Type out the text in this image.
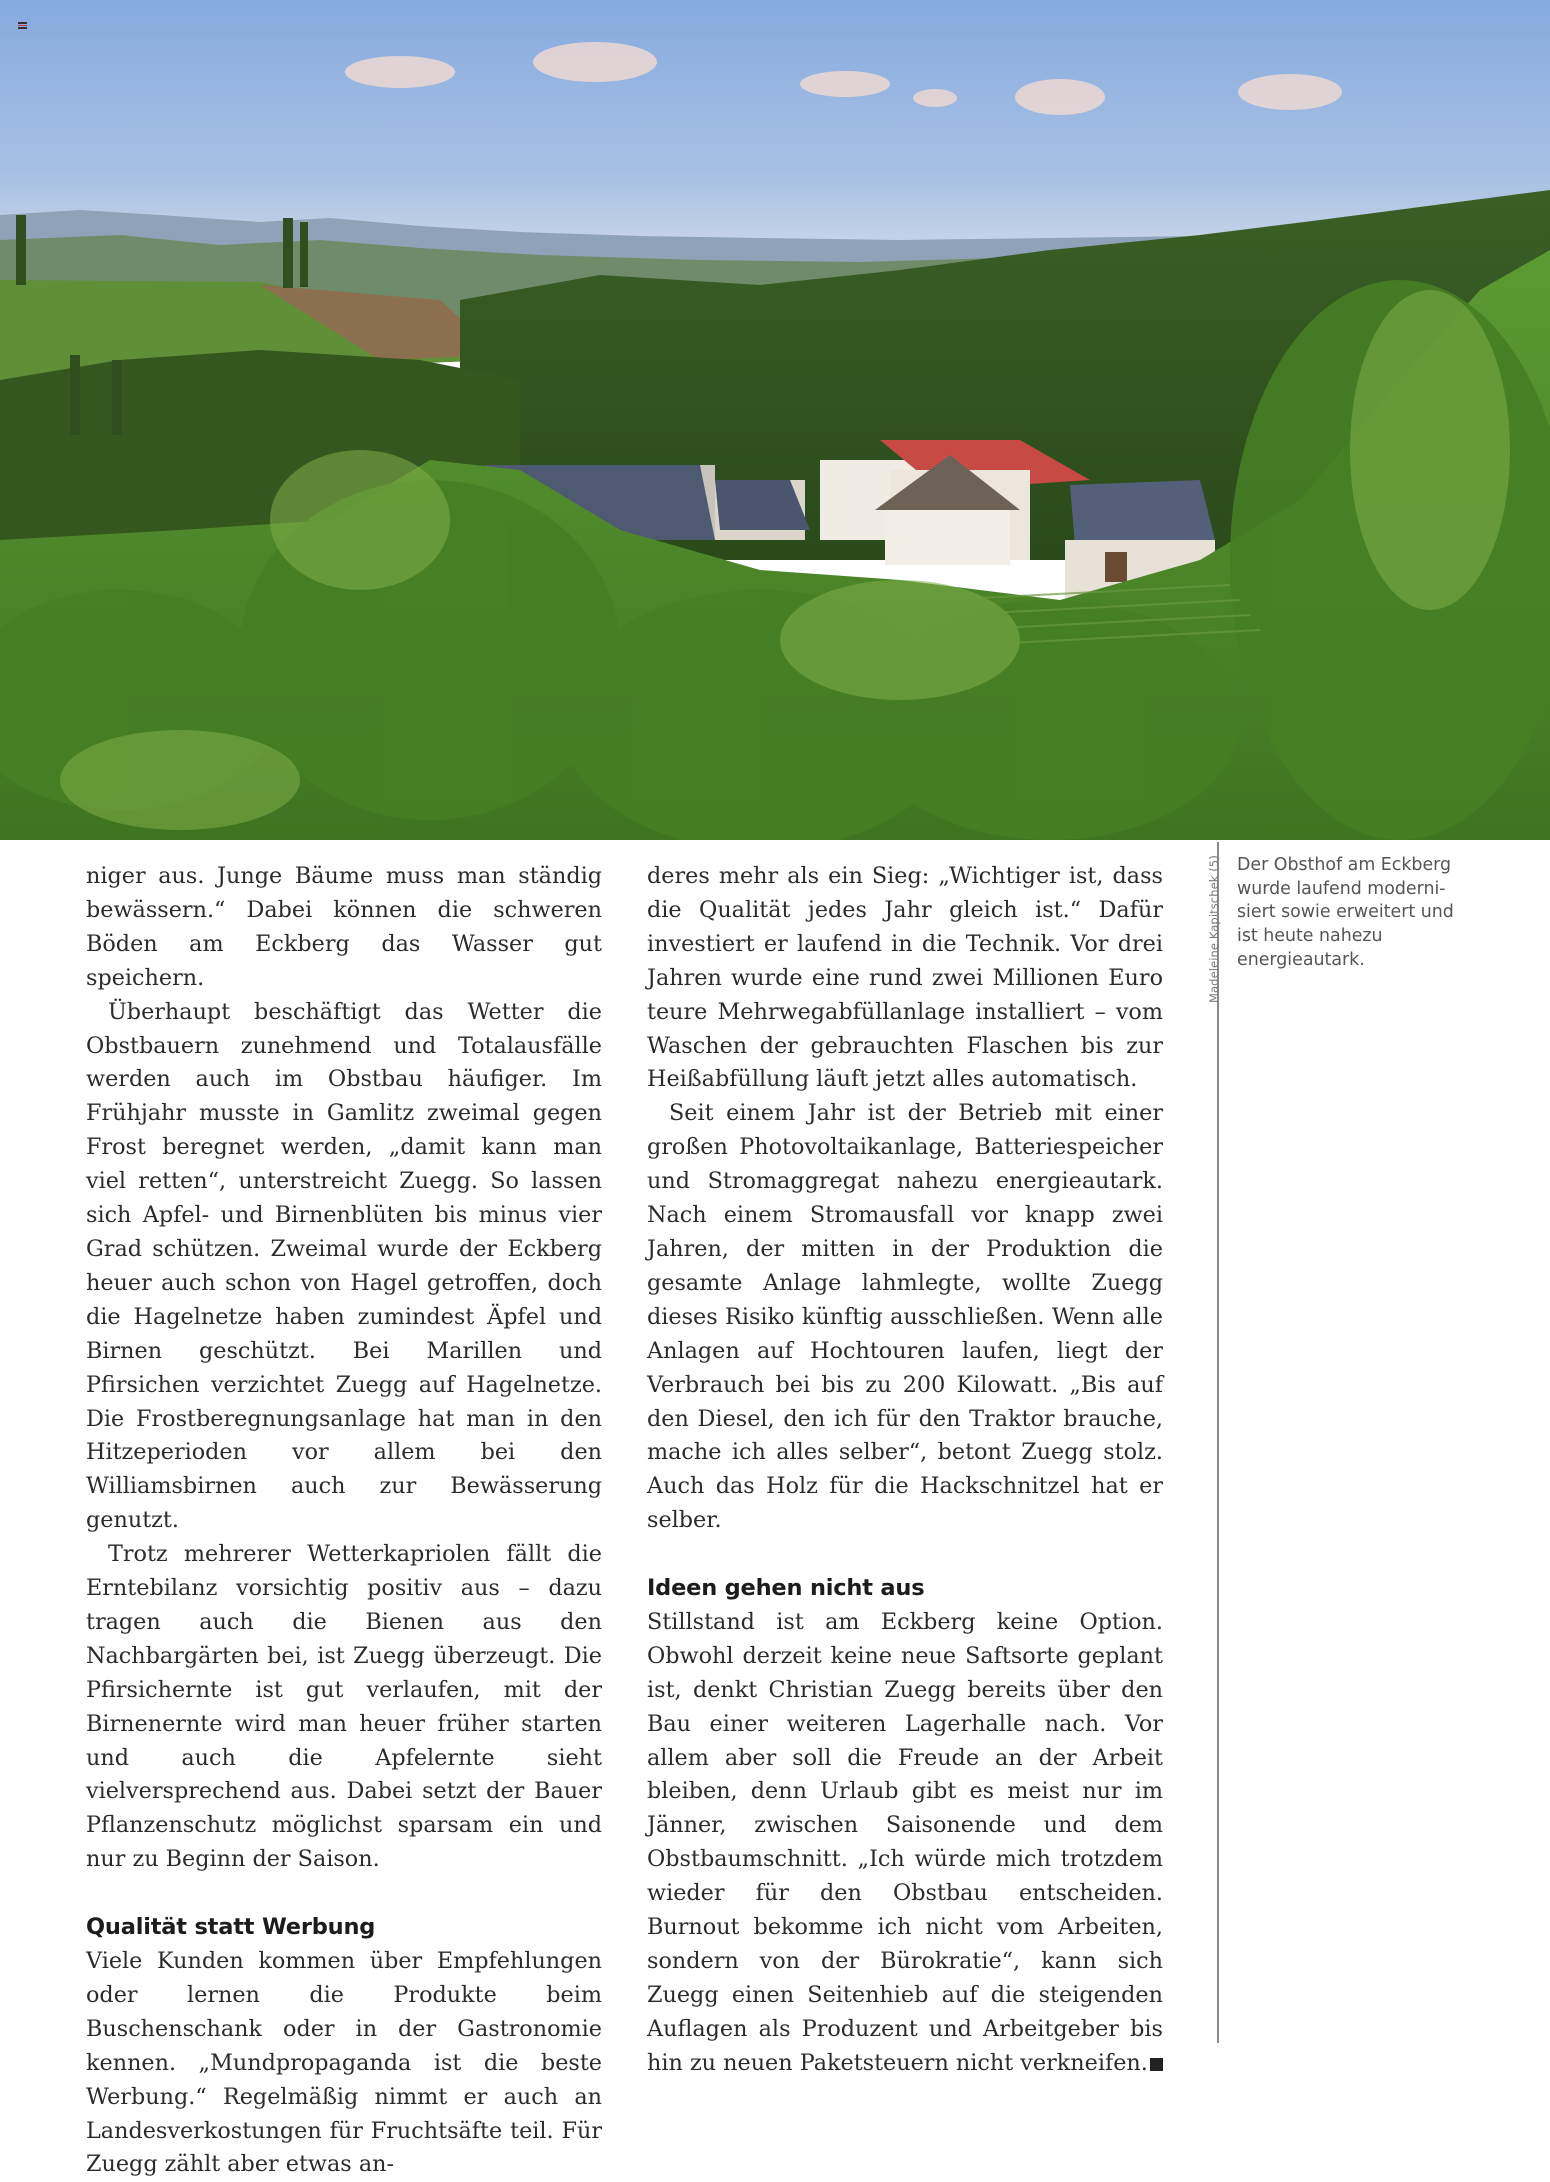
niger aus. Junge Bäume muss man ständig bewässern.“ Dabei können die schweren Böden am Eckberg das Wasser gut speichern.

Überhaupt beschäftigt das Wetter die Obstbauern zunehmend und Totalausfälle werden auch im Obstbau häufiger. Im Frühjahr musste in Gamlitz zweimal gegen Frost beregnet werden, „damit kann man viel retten“, unterstreicht Zuegg. So lassen sich Apfel- und Birnenblüten bis minus vier Grad schützen. Zweimal wurde der Eckberg heuer auch schon von Hagel getroffen, doch die Hagelnetze haben zumindest Äpfel und Birnen geschützt. Bei Marillen und Pfirsichen verzichtet Zuegg auf Hagelnetze. Die Frostberegnungsanlage hat man in den Hitzeperioden vor allem bei den Williamsbirnen auch zur Bewässerung genutzt.

Trotz mehrerer Wetterkapriolen fällt die Erntebilanz vorsichtig positiv aus – dazu tragen auch die Bienen aus den Nachbargärten bei, ist Zuegg überzeugt. Die Pfirsichernte ist gut verlaufen, mit der Birnenernte wird man heuer früher starten und auch die Apfelernte sieht vielversprechend aus. Dabei setzt der Bauer Pflanzenschutz möglichst sparsam ein und nur zu Beginn der Saison.

Qualität statt Werbung

Viele Kunden kommen über Empfehlungen oder lernen die Produkte beim Buschenschank oder in der Gastronomie kennen. „Mundpropaganda ist die beste Werbung.“ Regelmäßig nimmt er auch an Landesverkostungen für Fruchtsäfte teil. Für Zuegg zählt aber etwas an-

deres mehr als ein Sieg: „Wichtiger ist, dass die Qualität jedes Jahr gleich ist.“ Dafür investiert er laufend in die Technik. Vor drei Jahren wurde eine rund zwei Millionen Euro teure Mehrwegabfüllanlage installiert – vom Waschen der gebrauchten Flaschen bis zur Heißabfüllung läuft jetzt alles automatisch.

Seit einem Jahr ist der Betrieb mit einer großen Photovoltaikanlage, Batteriespeicher und Stromaggregat nahezu energieautark. Nach einem Stromausfall vor knapp zwei Jahren, der mitten in der Produktion die gesamte Anlage lahmlegte, wollte Zuegg dieses Risiko künftig ausschließen. Wenn alle Anlagen auf Hochtouren laufen, liegt der Verbrauch bei bis zu 200 Kilowatt. „Bis auf den Diesel, den ich für den Traktor brauche, mache ich alles selber“, betont Zuegg stolz. Auch das Holz für die Hackschnitzel hat er selber.

Ideen gehen nicht aus

Stillstand ist am Eckberg keine Option. Obwohl derzeit keine neue Saftsorte geplant ist, denkt Christian Zuegg bereits über den Bau einer weiteren Lagerhalle nach. Vor allem aber soll die Freude an der Arbeit bleiben, denn Urlaub gibt es meist nur im Jänner, zwischen Saisonende und dem Obstbaumschnitt. „Ich würde mich trotzdem wieder für den Obstbau entscheiden. Burnout bekomme ich nicht vom Arbeiten, sondern von der Bürokratie“, kann sich Zuegg einen Seitenhieb auf die steigenden Auflagen als Produzent und Arbeitgeber bis hin zu neuen Paketsteuern nicht verkneifen.

Madeleine Kapitschek (5) Der Obsthof am Eckberg wurde laufend moderni-siert sowie erweitert und ist heute nahezu energieautark.
